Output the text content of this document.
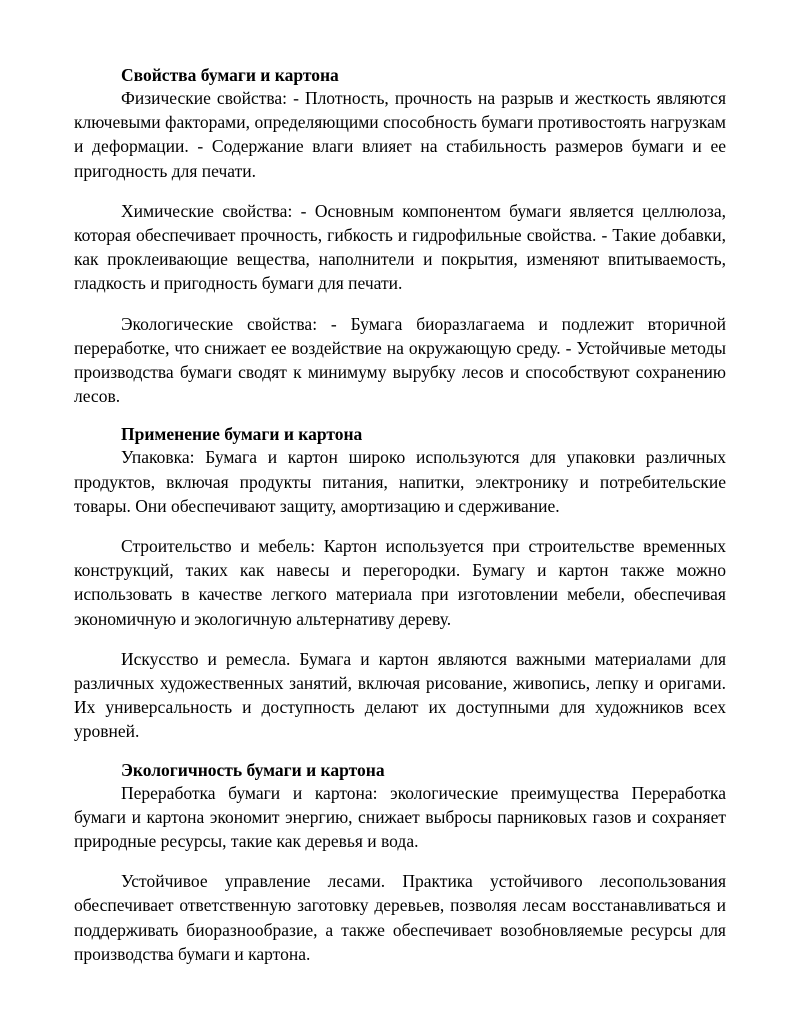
Свойства бумаги и картона

Физические свойства: - Плотность, прочность на разрыв и жесткость являются ключевыми факторами, определяющими способность бумаги противостоять нагрузкам и деформации. - Содержание влаги влияет на стабильность размеров бумаги и ее пригодность для печати.

Химические свойства: - Основным компонентом бумаги является целлюлоза, которая обеспечивает прочность, гибкость и гидрофильные свойства. - Такие добавки, как проклеивающие вещества, наполнители и покрытия, изменяют впитываемость, гладкость и пригодность бумаги для печати.

Экологические свойства: - Бумага биоразлагаема и подлежит вторичной переработке, что снижает ее воздействие на окружающую среду. - Устойчивые методы производства бумаги сводят к минимуму вырубку лесов и способствуют сохранению лесов.

Применение бумаги и картона

Упаковка: Бумага и картон широко используются для упаковки различных продуктов, включая продукты питания, напитки, электронику и потребительские товары. Они обеспечивают защиту, амортизацию и сдерживание.

Строительство и мебель: Картон используется при строительстве временных конструкций, таких как навесы и перегородки. Бумагу и картон также можно использовать в качестве легкого материала при изготовлении мебели, обеспечивая экономичную и экологичную альтернативу дереву.

Искусство и ремесла. Бумага и картон являются важными материалами для различных художественных занятий, включая рисование, живопись, лепку и оригами. Их универсальность и доступность делают их доступными для художников всех уровней.

Экологичность бумаги и картона

Переработка бумаги и картона: экологические преимущества Переработка бумаги и картона экономит энергию, снижает выбросы парниковых газов и сохраняет природные ресурсы, такие как деревья и вода.

Устойчивое управление лесами. Практика устойчивого лесопользования обеспечивает ответственную заготовку деревьев, позволяя лесам восстанавливаться и поддерживать биоразнообразие, а также обеспечивает возобновляемые ресурсы для производства бумаги и картона.
